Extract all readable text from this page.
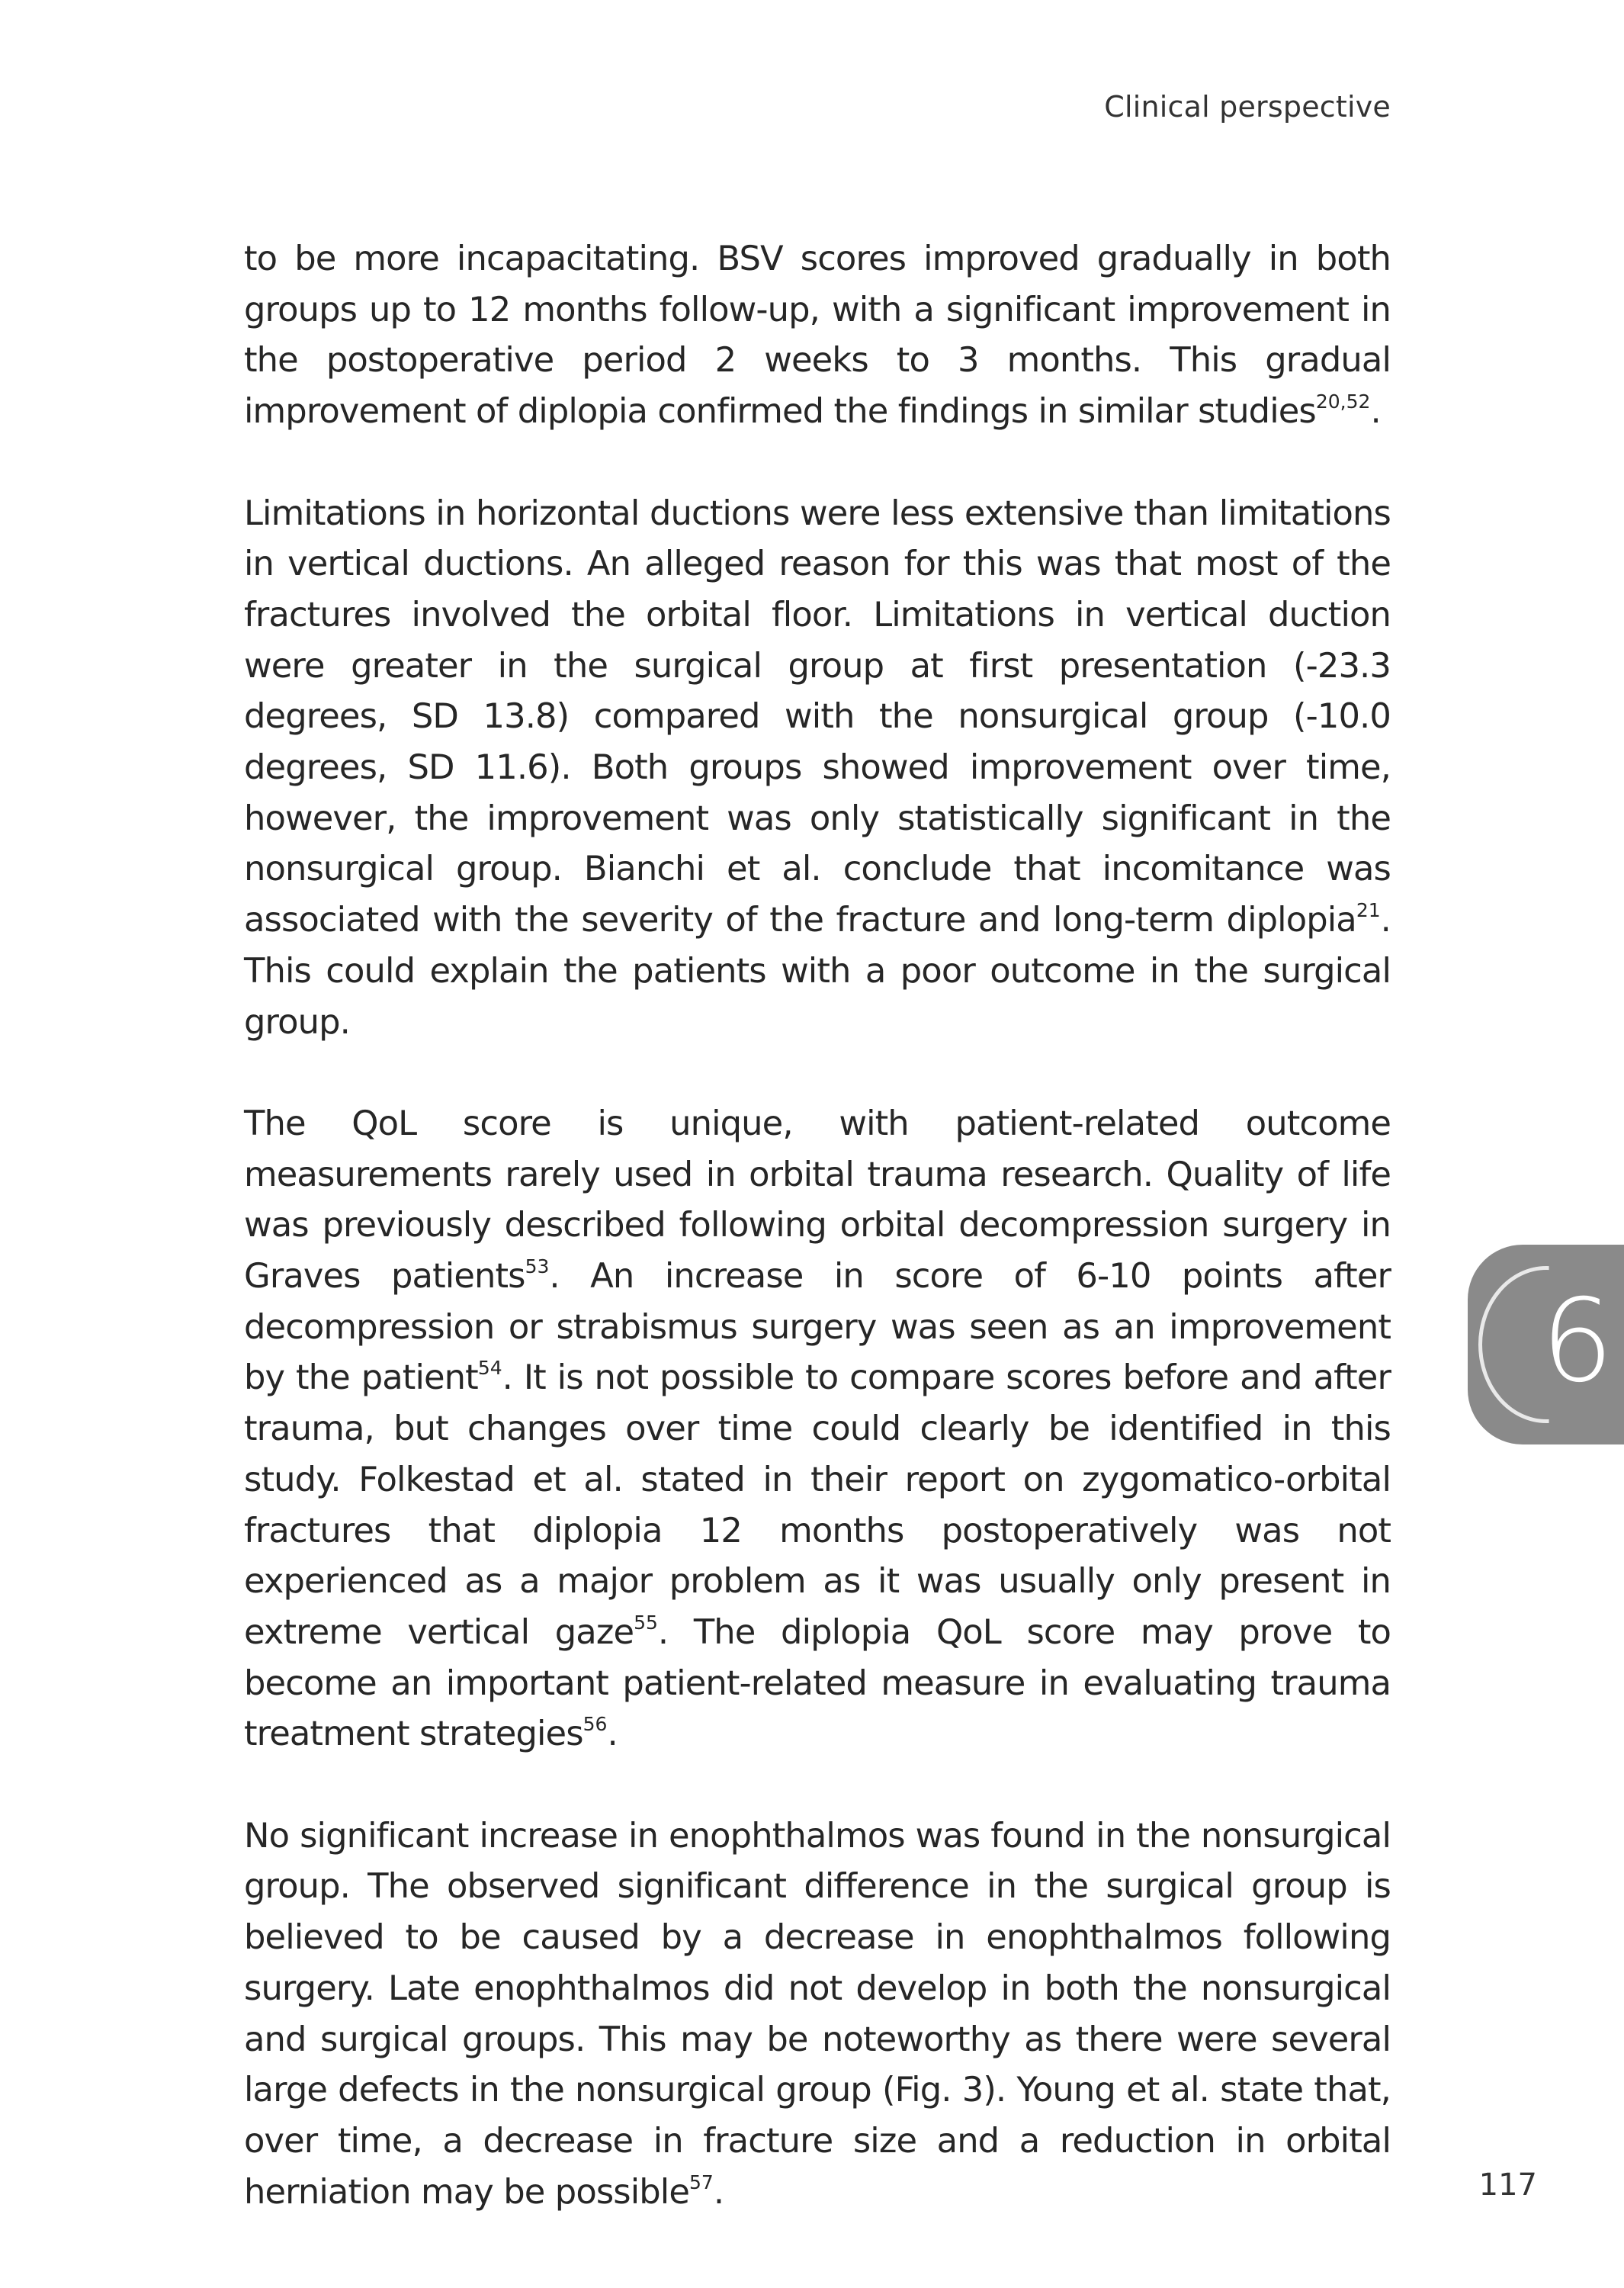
Clinical perspective

to be more incapacitating. BSV scores improved gradually in both groups up to 12 months follow-up, with a significant improvement in the postoperative period 2 weeks to 3 months. This gradual improvement of diplopia confirmed the findings in similar studies$^{20,52}$.

Limitations in horizontal ductions were less extensive than limitations in vertical ductions. An alleged reason for this was that most of the fractures involved the orbital floor. Limitations in vertical duction were greater in the surgical group at first presentation (-23.3 degrees, SD 13.8) compared with the nonsurgical group (-10.0 degrees, SD 11.6). Both groups showed improvement over time, however, the improvement was only statistically significant in the nonsurgical group. Bianchi et al. conclude that incomitance was associated with the severity of the fracture and long-term diplopia$^{21}$. This could explain the patients with a poor outcome in the surgical group.

The QoL score is unique, with patient-related outcome measurements rarely used in orbital trauma research. Quality of life was previously described following orbital decompression surgery in Graves patients$^{53}$. An increase in score of 6-10 points after decompression or strabismus surgery was seen as an improvement by the patient$^{54}$. It is not possible to compare scores before and after trauma, but changes over time could clearly be identified in this study. Folkestad et al. stated in their report on zygomatico-orbital fractures that diplopia 12 months postoperatively was not experienced as a major problem as it was usually only present in extreme vertical gaze$^{55}$. The diplopia QoL score may prove to become an important patient-related measure in evaluating trauma treatment strategies$^{56}$.

No significant increase in enophthalmos was found in the nonsurgical group. The observed significant difference in the surgical group is believed to be caused by a decrease in enophthalmos following surgery. Late enophthalmos did not develop in both the nonsurgical and surgical groups. This may be noteworthy as there were several large defects in the nonsurgical group (Fig. 3). Young et al. state that, over time, a decrease in fracture size and a reduction in orbital herniation may be possible$^{57}$.

6
117
